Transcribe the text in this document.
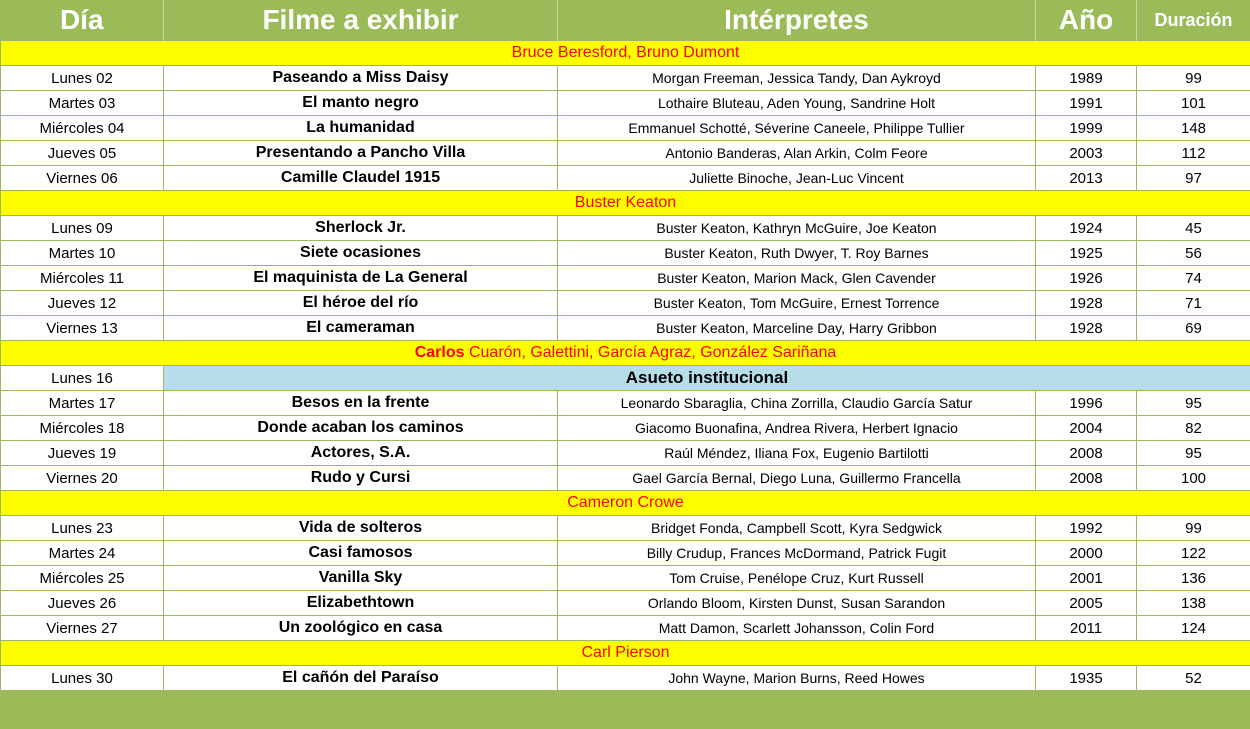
Día	Filme a exhibir	Intérpretes	Año	Duración
Bruce Beresford, Bruno Dumont				
Lunes 02	Paseando a Miss Daisy	Morgan Freeman, Jessica Tandy, Dan Aykroyd	1989	99
Martes 03	El manto negro	Lothaire Bluteau, Aden Young, Sandrine Holt	1991	101
Miércoles 04	La humanidad	Emmanuel Schotté, Séverine Caneele, Philippe Tullier	1999	148
Jueves 05	Presentando a Pancho Villa	Antonio Banderas, Alan Arkin, Colm Feore	2003	112
Viernes 06	Camille Claudel 1915	Juliette Binoche, Jean-Luc Vincent	2013	97
Buster Keaton				
Lunes 09	Sherlock Jr.	Buster Keaton, Kathryn McGuire, Joe Keaton	1924	45
Martes 10	Siete ocasiones	Buster Keaton, Ruth Dwyer, T. Roy Barnes	1925	56
Miércoles 11	El maquinista de La General	Buster Keaton, Marion Mack, Glen Cavender	1926	74
Jueves 12	El héroe del río	Buster Keaton, Tom McGuire, Ernest Torrence	1928	71
Viernes 13	El cameraman	Buster Keaton, Marceline Day, Harry Gribbon	1928	69
Carlos Cuarón, Galettini, García Agraz, González Sariñana				
Lunes 16	Asueto institucional			
Martes 17	Besos en la frente	Leonardo Sbaraglia, China Zorrilla, Claudio García Satur	1996	95
Miércoles 18	Donde acaban los caminos	Giacomo Buonafina, Andrea Rivera, Herbert Ignacio	2004	82
Jueves 19	Actores, S.A.	Raúl Méndez, Iliana Fox, Eugenio Bartilotti	2008	95
Viernes 20	Rudo y Cursi	Gael García Bernal, Diego Luna, Guillermo Francella	2008	100
Cameron Crowe				
Lunes 23	Vida de solteros	Bridget Fonda, Campbell Scott, Kyra Sedgwick	1992	99
Martes 24	Casi famosos	Billy Crudup, Frances McDormand, Patrick Fugit	2000	122
Miércoles 25	Vanilla Sky	Tom Cruise, Penélope Cruz, Kurt Russell	2001	136
Jueves 26	Elizabethtown	Orlando Bloom, Kirsten Dunst, Susan Sarandon	2005	138
Viernes 27	Un zoológico en casa	Matt Damon, Scarlett Johansson, Colin Ford	2011	124
Carl Pierson				
Lunes 30	El cañón del Paraíso	John Wayne, Marion Burns, Reed Howes	1935	52
